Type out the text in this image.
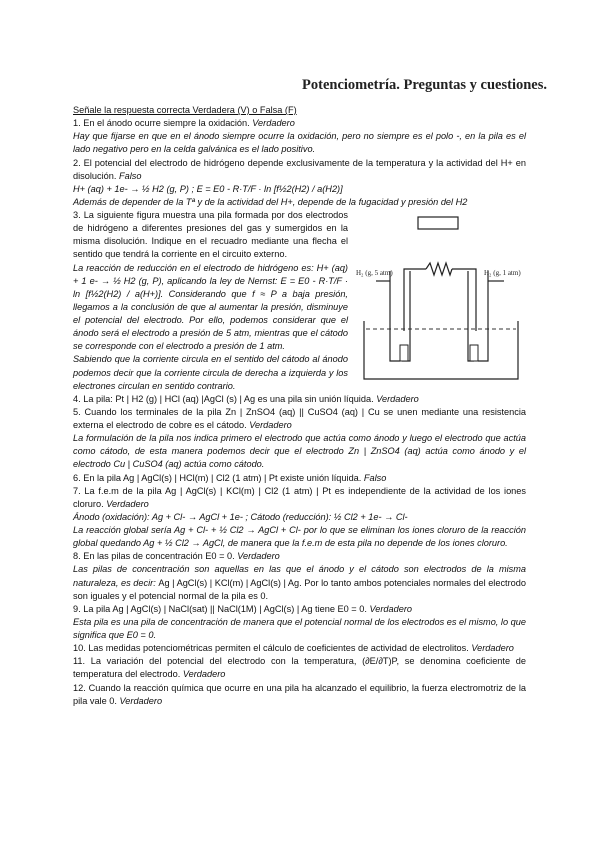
Potenciometría. Preguntas y cuestiones.

Señale la respuesta correcta Verdadera (V) o Falsa (F)

1. En el ánodo ocurre siempre la oxidación. Verdadero

Hay que fijarse en que en el ánodo siempre ocurre la oxidación, pero no siempre es el polo -, en la pila es el lado negativo pero en la celda galvánica es el lado positivo.

2. El potencial del electrodo de hidrógeno depende exclusivamente de la temperatura y la actividad del H+ en disolución. Falso

H+ (aq) + 1e- → ½ H2 (g, P) ; E = E0 - R·T/F · ln [f½2(H2) / a(H2)]

Además de depender de la Tª y de la actividad del H+, depende de la fugacidad y presión del H2

H₂ (g, 5 atm)	H₂ (g, 1 atm)

3. La siguiente figura muestra una pila formada por dos electrodos de hidrógeno a diferentes presiones del gas y sumergidos en la misma disolución. Indique en el recuadro mediante una flecha el sentido que tendrá la corriente en el circuito externo.

La reacción de reducción en el electrodo de hidrógeno es: H+ (aq) + 1 e- → ½ H2 (g, P), aplicando la ley de Nernst: E = E0 - R·T/F · ln [f½2(H2) / a(H+)]. Considerando que f ≈ P a baja presión, llegamos a la conclusión de que al aumentar la presión, disminuye el potencial del electrodo. Por ello, podemos considerar que el ánodo será el electrodo a presión de 5 atm, mientras que el cátodo se corresponde con el electrodo a presión de 1 atm.

Sabiendo que la corriente circula en el sentido del cátodo al ánodo podemos decir que la corriente circula de derecha a izquierda y los electrones circulan en sentido contrario.

4. La pila: Pt | H2 (g) | HCl (aq) |AgCl (s) | Ag es una pila sin unión líquida. Verdadero

5. Cuando los terminales de la pila Zn | ZnSO4 (aq) || CuSO4 (aq) | Cu se unen mediante una resistencia externa el electrodo de cobre es el cátodo. Verdadero

La formulación de la pila nos indica primero el electrodo que actúa como ánodo y luego el electrodo que actúa como cátodo, de esta manera podemos decir que el electrodo Zn | ZnSO4 (aq) actúa como ánodo y el electrodo Cu | CuSO4 (aq) actúa como cátodo.

6. En la pila Ag | AgCl(s) | HCl(m) | Cl2 (1 atm) | Pt existe unión líquida. Falso

7. La f.e.m de la pila Ag | AgCl(s) | KCl(m) | Cl2 (1 atm) | Pt es independiente de la actividad de los iones cloruro. Verdadero

Ánodo (oxidación): Ag + Cl- → AgCl + 1e- ; Cátodo (reducción): ½ Cl2 + 1e- → Cl-

La reacción global sería Ag + Cl- + ½ Cl2 → AgCl + Cl- por lo que se eliminan los iones cloruro de la reacción global quedando Ag + ½ Cl2 → AgCl, de manera que la f.e.m de esta pila no depende de los iones cloruro.

8. En las pilas de concentración E0 = 0. Verdadero

Las pilas de concentración son aquellas en las que el ánodo y el cátodo son electrodos de la misma naturaleza, es decir: Ag | AgCl(s) | KCl(m) | AgCl(s) | Ag. Por lo tanto ambos potenciales normales del electrodo son iguales y el potencial normal de la pila es 0.

9. La pila Ag | AgCl(s) | NaCl(sat) || NaCl(1M) | AgCl(s) | Ag tiene E0 = 0. Verdadero

Esta pila es una pila de concentración de manera que el potencial normal de los electrodos es el mismo, lo que significa que E0 = 0.

10. Las medidas potenciométricas permiten el cálculo de coeficientes de actividad de electrolitos. Verdadero

11. La variación del potencial del electrodo con la temperatura, (∂E/∂T)P, se denomina coeficiente de temperatura del electrodo. Verdadero

12. Cuando la reacción química que ocurre en una pila ha alcanzado el equilibrio, la fuerza electromotriz de la pila vale 0. Verdadero
